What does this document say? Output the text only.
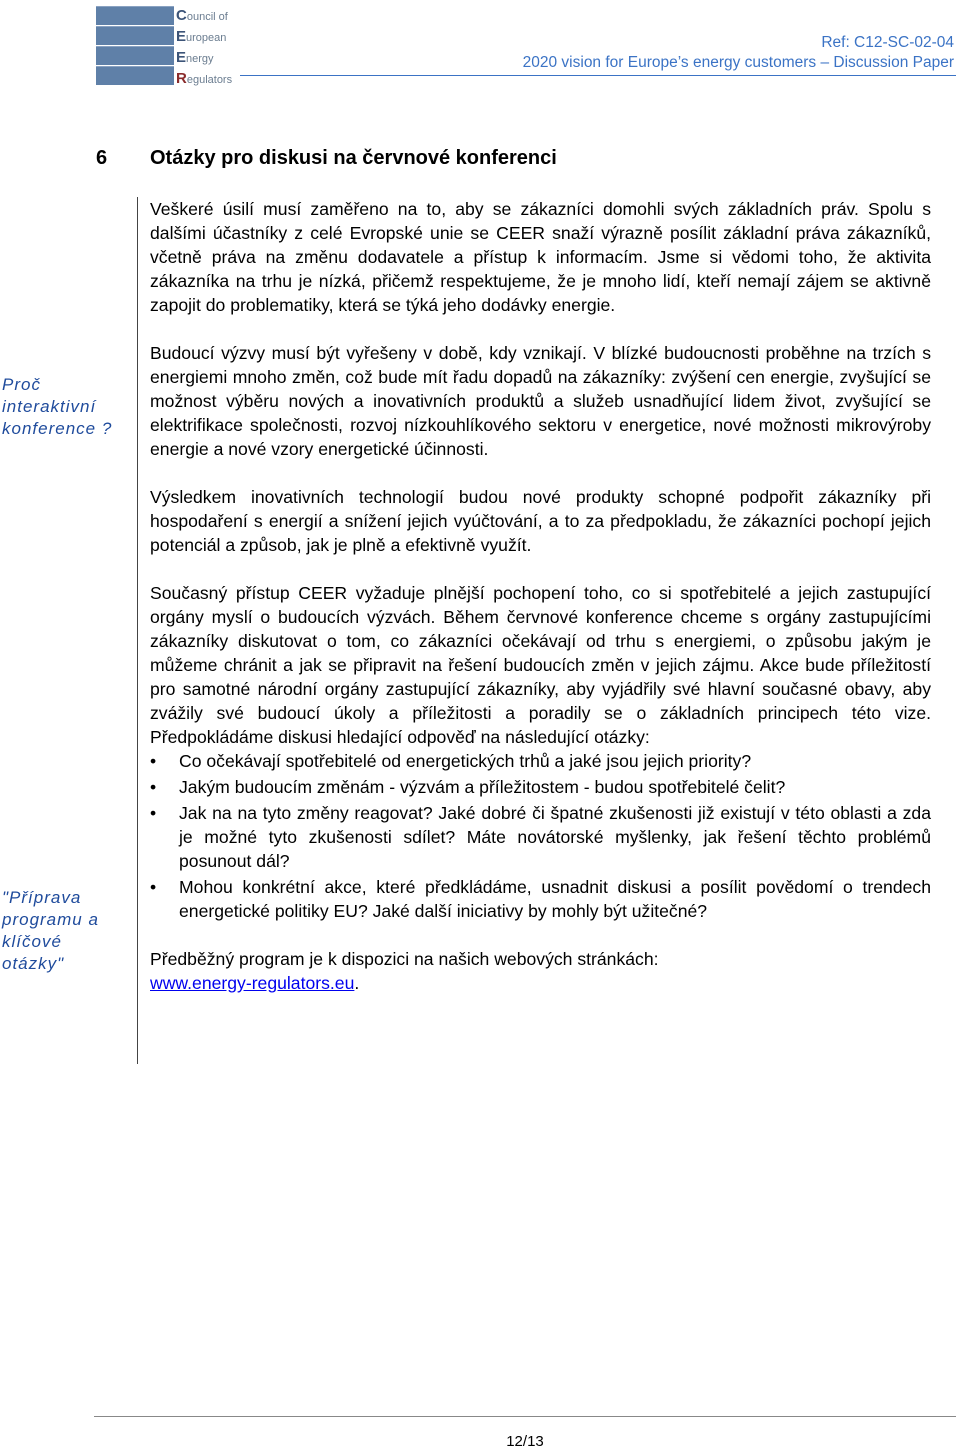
Council of
European
Energy
Regulators
Ref: C12-SC-02-04
2020 vision for Europe’s energy customers – Discussion Paper
6 Otázky pro diskusi na červnové konferenci
Proč interaktivní konference ?
"Příprava programu a klíčové otázky"

Veškeré úsilí musí zaměřeno na to, aby se zákazníci domohli svých základních práv. Spolu s dalšími účastníky z celé Evropské unie se CEER snaží výrazně posílit základní práva zákazníků, včetně práva na změnu dodavatele a přístup k informacím. Jsme si vědomi toho, že aktivita zákazníka na trhu je nízká, přičemž respektujeme, že je mnoho lidí, kteří nemají zájem se aktivně zapojit do problematiky, která se týká jeho dodávky energie.

Budoucí výzvy musí být vyřešeny v době, kdy vznikají. V blízké budoucnosti proběhne na trzích s energiemi mnoho změn, což bude mít řadu dopadů na zákazníky: zvýšení cen energie, zvyšující se možnost výběru nových a inovativních produktů a služeb usnadňující lidem život, zvyšující se elektrifikace společnosti, rozvoj nízkouhlíkového sektoru v energetice, nové možnosti mikrovýroby energie a nové vzory energetické účinnosti.

Výsledkem inovativních technologií budou nové produkty schopné podpořit zákazníky při hospodaření s energií a snížení jejich vyúčtování, a to za předpokladu, že zákazníci pochopí jejich potenciál a způsob, jak je plně a efektivně využít.

Současný přístup CEER vyžaduje plnější pochopení toho, co si spotřebitelé a jejich zastupující orgány myslí o budoucích výzvách. Během červnové konference chceme s orgány zastupujícími zákazníky diskutovat o tom, co zákazníci očekávají od trhu s energiemi, o způsobu jakým je můžeme chránit a jak se připravit na řešení budoucích změn v jejich zájmu. Akce bude příležitostí pro samotné národní orgány zastupující zákazníky, aby vyjádřily své hlavní současné obavy, aby zvážily své budoucí úkoly a příležitosti a poradily se o základních principech této vize. Předpokládáme diskusi hledající odpověď na následující otázky:

• Co očekávají spotřebitelé od energetických trhů a jaké jsou jejich priority?
• Jakým budoucím změnám - výzvám a příležitostem - budou spotřebitelé čelit?
• Jak na na tyto změny reagovat? Jaké dobré či špatné zkušenosti již existují v této oblasti a zda je možné tyto zkušenosti sdílet? Máte novátorské myšlenky, jak řešení těchto problémů posunout dál?
• Mohou konkrétní akce, které předkládáme, usnadnit diskusi a posílit povědomí o trendech energetické politiky EU? Jaké další iniciativy by mohly být užitečné?

Předběžný program je k dispozici na našich webových stránkách:
www.energy-regulators.eu.

12/13
